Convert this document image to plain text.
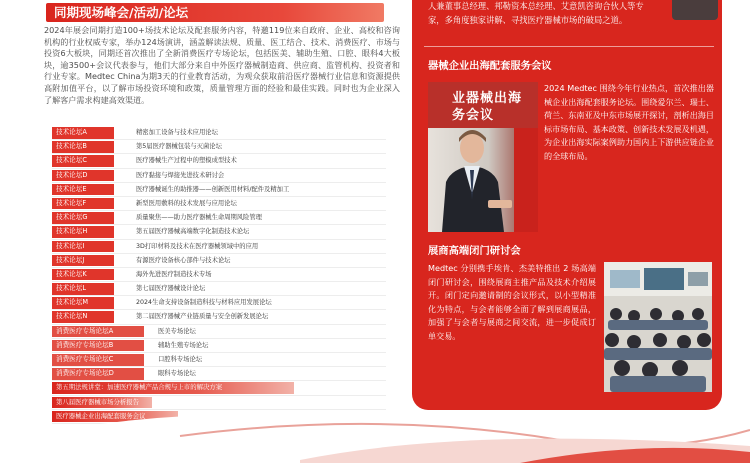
同期现场峰会/活动/论坛

2024年展会同期打造100+场技术论坛及配套服务内容，特邀119位来自政府、企业、高校和咨询机构的行业权威专家，举办124场演讲，涵盖解读法规、质量、医工结合、技术、消费医疗、市场与投资6大板块，同期还首次推出了全新消费医疗专场论坛，包括医美、辅助生殖、口腔、眼科4大板块，逾3500+会议代表参与，他们大部分来自中外医疗器械制造商、供应商、监管机构、投资者和行业专家。Medtec China为期3天的行业教育活动，为观众获取前沿医疗器械行业信息和资源提供高附加值平台，以了解市场投资环境和政策，质量管理方面的经验和最佳实践。同时也为企业深入了解客户需求构建高效渠道。

技术论坛A	精密加工设备与技术应用论坛
技术论坛B	第5届医疗器械包装与灭菌论坛
技术论坛C	医疗器械生产过程中的塑模成型技术
技术论坛D	医疗黏接与焊接先进技术研讨会
技术论坛E	医疗器械诞生的助推器——创新医用材料/配件及精加工
技术论坛F	新型医用敷料的技术发展与应用论坛
技术论坛G	质量聚焦——助力医疗器械生命周期风险管理
技术论坛H	第五届医疗器械高端数字化制造技术论坛
技术论坛I	3D打印材料及技术在医疗器械领域中的应用
技术论坛J	有源医疗设备核心部件与技术论坛
技术论坛K	海外先进医疗制造技术专场
技术论坛L	第七届医疗器械设计论坛
技术论坛M	2024生命支持设备制造科技与材料应用发展论坛
技术论坛N	第二届医疗器械产业链质量与安全创新发展论坛
消费医疗专场论坛A	医美专场论坛
消费医疗专场论坛B	辅助生殖专场论坛
消费医疗专场论坛C	口腔科专场论坛
消费医疗专场论坛D	眼科专场论坛
第五期法规讲堂：加速医疗器械产品合规与上市的解决方案
第八届医疗器械市场分析报告
医疗器械企业出海配套服务会议

人兼董事总经理、邦勒资本总经理、艾意凯咨询合伙人等专家，多角度独家讲解、寻找医疗器械市场的破局之道。

器械企业出海配套服务会议
业器械出海
务会议

2024 Medtec 围绕今年行业热点，首次推出器械企业出海配套服务论坛。围绕爱尔兰、瑞士、荷兰、东南亚及中东市场展开探讨，剖析出海目标市场布局、基本政策、创新技术发展及机遇，为企业出海实际案例助力国内上下游供应链企业的全球布局。

展商高端闭门研讨会

Medtec 分别携手埃肯、杰美特推出 2 场高端闭门研讨会，围绕展商主推产品及技术介绍展开。闭门定向邀请制的会议形式，以小型精准化为特点，与会者能够全面了解到展商展品，加强了与会者与展商之间交流，进一步促成订单交易。
